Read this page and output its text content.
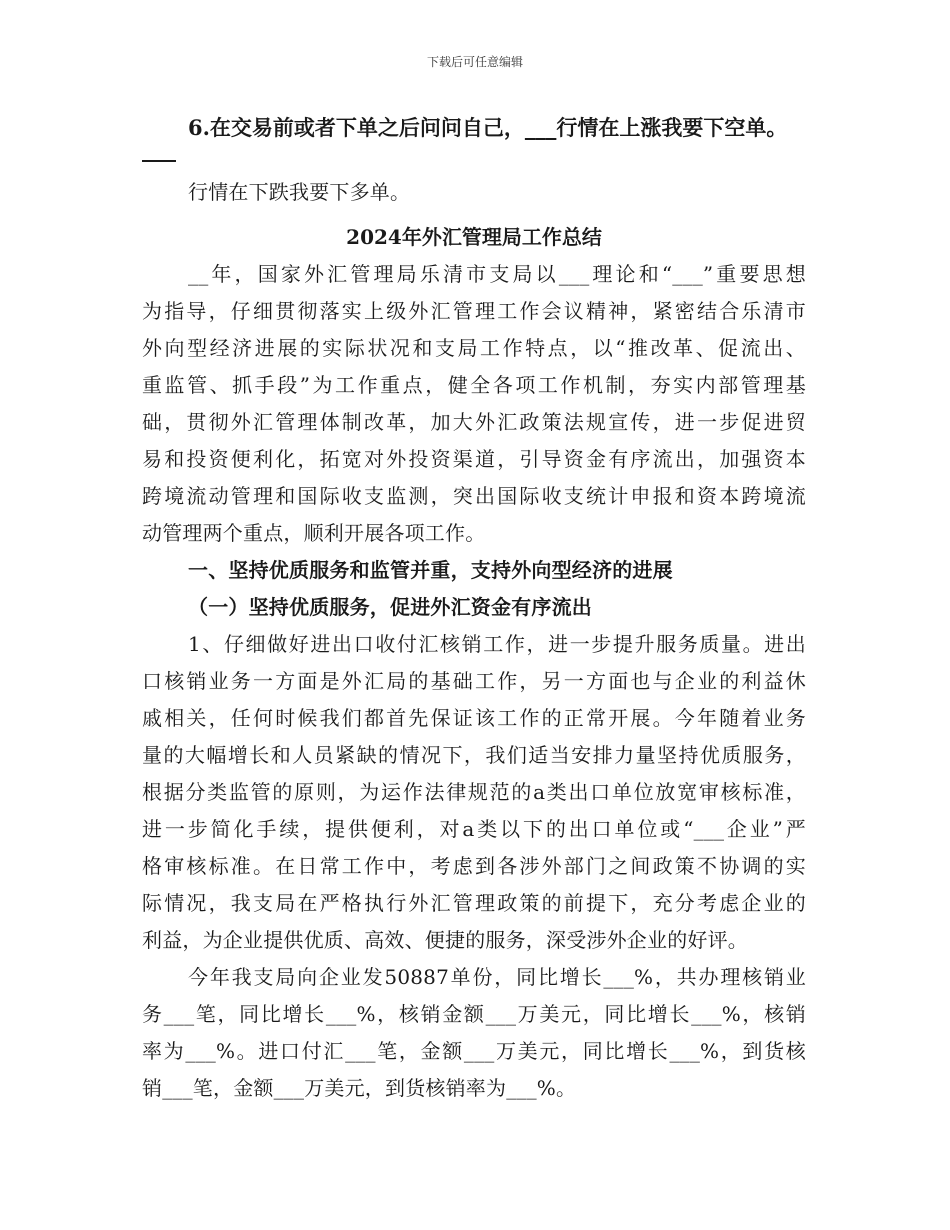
下载后可任意编辑
6.在交易前或者下单之后问问自己，___行情在上涨我要下空单。
行情在下跌我要下多单。
2024年外汇管理局工作总结
__年，国家外汇管理局乐清市支局以___理论和“___”重要思想
为指导，仔细贯彻落实上级外汇管理工作会议精神，紧密结合乐清市
外向型经济进展的实际状况和支局工作特点，以“推改革、促流出、
重监管、抓手段”为工作重点，健全各项工作机制，夯实内部管理基
础，贯彻外汇管理体制改革，加大外汇政策法规宣传，进一步促进贸
易和投资便利化，拓宽对外投资渠道，引导资金有序流出，加强资本
跨境流动管理和国际收支监测，突出国际收支统计申报和资本跨境流
动管理两个重点，顺利开展各项工作。
一、坚持优质服务和监管并重，支持外向型经济的进展
（一）坚持优质服务，促进外汇资金有序流出
1、仔细做好进出口收付汇核销工作，进一步提升服务质量。进出
口核销业务一方面是外汇局的基础工作，另一方面也与企业的利益休
戚相关，任何时候我们都首先保证该工作的正常开展。今年随着业务
量的大幅增长和人员紧缺的情况下，我们适当安排力量坚持优质服务，
根据分类监管的原则，为运作法律规范的a类出口单位放宽审核标准，
进一步简化手续，提供便利，对a类以下的出口单位或“___企业”严
格审核标准。在日常工作中，考虑到各涉外部门之间政策不协调的实
际情况，我支局在严格执行外汇管理政策的前提下，充分考虑企业的
利益，为企业提供优质、高效、便捷的服务，深受涉外企业的好评。
今年我支局向企业发50887单份，同比增长___%，共办理核销业
务___笔，同比增长___%，核销金额___万美元，同比增长___%，核销
率为___%。进口付汇___笔，金额___万美元，同比增长___%，到货核
销___笔，金额___万美元，到货核销率为___%。
